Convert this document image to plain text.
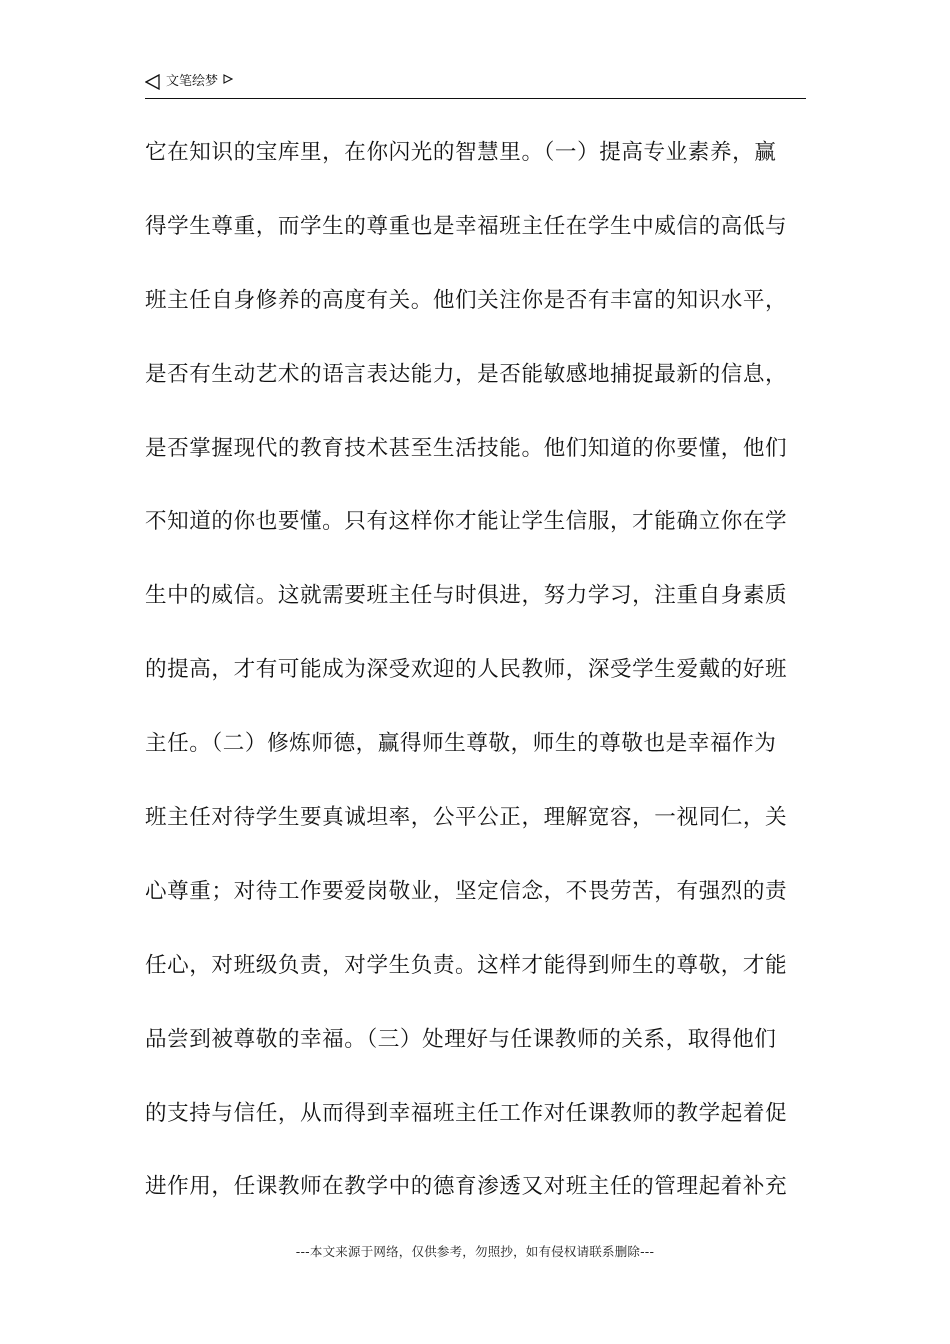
文笔绘梦
它在知识的宝库里，在你闪光的智慧里。（一）提高专业素养，赢
得学生尊重，而学生的尊重也是幸福班主任在学生中威信的高低与
班主任自身修养的高度有关。他们关注你是否有丰富的知识水平，
是否有生动艺术的语言表达能力，是否能敏感地捕捉最新的信息，
是否掌握现代的教育技术甚至生活技能。他们知道的你要懂，他们
不知道的你也要懂。只有这样你才能让学生信服，才能确立你在学
生中的威信。这就需要班主任与时俱进，努力学习，注重自身素质
的提高，才有可能成为深受欢迎的人民教师，深受学生爱戴的好班
主任。（二）修炼师德，赢得师生尊敬，师生的尊敬也是幸福作为
班主任对待学生要真诚坦率，公平公正，理解宽容，一视同仁，关
心尊重；对待工作要爱岗敬业，坚定信念，不畏劳苦，有强烈的责
任心，对班级负责，对学生负责。这样才能得到师生的尊敬，才能
品尝到被尊敬的幸福。（三）处理好与任课教师的关系，取得他们
的支持与信任，从而得到幸福班主任工作对任课教师的教学起着促
进作用，任课教师在教学中的德育渗透又对班主任的管理起着补充
---本文来源于网络，仅供参考，勿照抄，如有侵权请联系删除---
